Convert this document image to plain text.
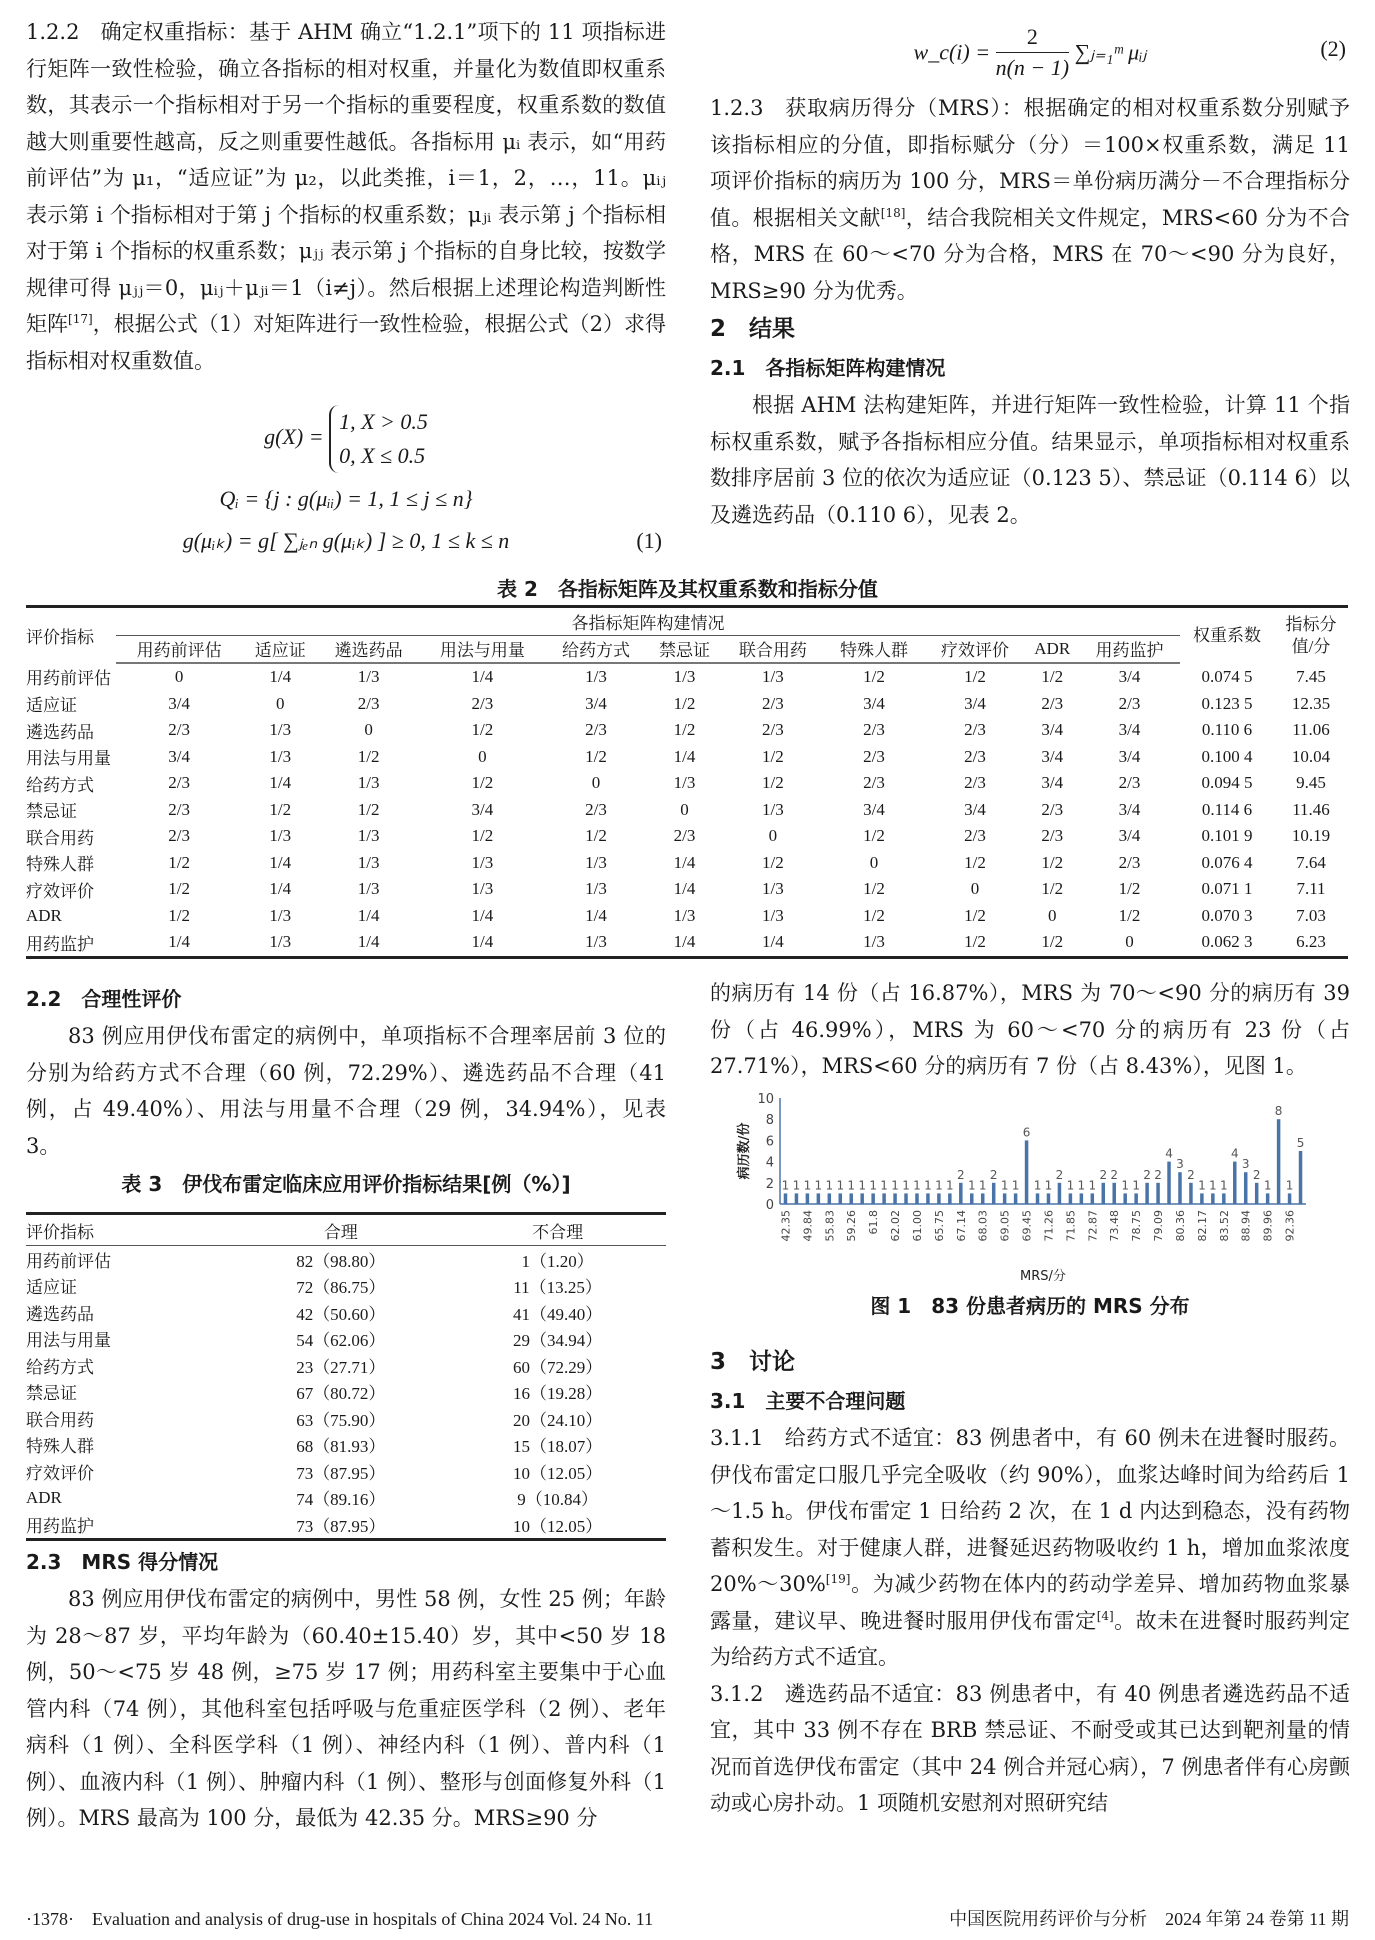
1.2.2 确定权重指标：基于 AHM 确立“1.2.1”项下的 11 项指标进行矩阵一致性检验，确立各指标的相对权重，并量化为数值即权重系数，其表示一个指标相对于另一个指标的重要程度，权重系数的数值越大则重要性越高，反之则重要性越低。各指标用 μᵢ 表示，如“用药前评估”为 μ₁，“适应证”为 μ₂，以此类推，i＝1，2，…，11。μᵢⱼ 表示第 i 个指标相对于第 j 个指标的权重系数；μⱼᵢ 表示第 j 个指标相对于第 i 个指标的权重系数；μⱼⱼ 表示第 j 个指标的自身比较，按数学规律可得 μⱼⱼ＝0，μᵢⱼ＋μⱼᵢ＝1（i≠j）。然后根据上述理论构造判断性矩阵[17]，根据公式（1）对矩阵进行一致性检验，根据公式（2）求得指标相对权重数值。

g(X) =
1, X > 0.5
0, X ≤ 0.5
Qᵢ = {j : g(μᵢᵢ) = 1, 1 ≤ j ≤ n}
g(μᵢₖ) = g[ ∑ⱼₑₙ g(μᵢₖ) ] ≥ 0, 1 ≤ k ≤ n	(1)
w_c(i) = $\frac{2}{n(n - 1)}$ ∑ⱼ₌₁ᵐ μᵢⱼ	(2)

1.2.3 获取病历得分（MRS）：根据确定的相对权重系数分别赋予该指标相应的分值，即指标赋分（分）＝100×权重系数，满足 11 项评价指标的病历为 100 分，MRS＝单份病历满分－不合理指标分值。根据相关文献[18]，结合我院相关文件规定，MRS<60 分为不合格，MRS 在 60～<70 分为合格，MRS 在 70～<90 分为良好，MRS≥90 分为优秀。

2　结果

2.1　各指标矩阵构建情况

根据 AHM 法构建矩阵，并进行矩阵一致性检验，计算 11 个指标权重系数，赋予各指标相应分值。结果显示，单项指标相对权重系数排序居前 3 位的依次为适应证（0.123 5）、禁忌证（0.114 6）以及遴选药品（0.110 6），见表 2。

表 2　各指标矩阵及其权重系数和指标分值
评价指标	各指标矩阵构建情况											权重系数	指标分值/分
	用药前评估	适应证	遴选药品	用法与用量	给药方式	禁忌证	联合用药	特殊人群	疗效评价	ADR	用药监护		
用药前评估	0	1/4	1/3	1/4	1/3	1/3	1/3	1/2	1/2	1/2	3/4	0.074 5	7.45
适应证	3/4	0	2/3	2/3	3/4	1/2	2/3	3/4	3/4	2/3	2/3	0.123 5	12.35
遴选药品	2/3	1/3	0	1/2	2/3	1/2	2/3	2/3	2/3	3/4	3/4	0.110 6	11.06
用法与用量	3/4	1/3	1/2	0	1/2	1/4	1/2	2/3	2/3	3/4	3/4	0.100 4	10.04
给药方式	2/3	1/4	1/3	1/2	0	1/3	1/2	2/3	2/3	3/4	2/3	0.094 5	9.45
禁忌证	2/3	1/2	1/2	3/4	2/3	0	1/3	3/4	3/4	2/3	3/4	0.114 6	11.46
联合用药	2/3	1/3	1/3	1/2	1/2	2/3	0	1/2	2/3	2/3	3/4	0.101 9	10.19
特殊人群	1/2	1/4	1/3	1/3	1/3	1/4	1/2	0	1/2	1/2	2/3	0.076 4	7.64
疗效评价	1/2	1/4	1/3	1/3	1/3	1/4	1/3	1/2	0	1/2	1/2	0.071 1	7.11
ADR	1/2	1/3	1/4	1/4	1/4	1/3	1/3	1/2	1/2	0	1/2	0.070 3	7.03
用药监护	1/4	1/3	1/4	1/4	1/3	1/4	1/4	1/3	1/2	1/2	0	0.062 3	6.23

2.2　合理性评价

83 例应用伊伐布雷定的病例中，单项指标不合理率居前 3 位的分别为给药方式不合理（60 例，72.29%）、遴选药品不合理（41 例，占 49.40%）、用法与用量不合理（29 例，34.94%），见表 3。

表 3　伊伐布雷定临床应用评价指标结果[例（%）]
评价指标	合理	不合理
用药前评估	82（98.80）	1（1.20）
适应证	72（86.75）	11（13.25）
遴选药品	42（50.60）	41（49.40）
用法与用量	54（62.06）	29（34.94）
给药方式	23（27.71）	60（72.29）
禁忌证	67（80.72）	16（19.28）
联合用药	63（75.90）	20（24.10）
特殊人群	68（81.93）	15（18.07）
疗效评价	73（87.95）	10（12.05）
ADR	74（89.16）	9（10.84）
用药监护	73（87.95）	10（12.05）

2.3　MRS 得分情况

83 例应用伊伐布雷定的病例中，男性 58 例，女性 25 例；年龄为 28～87 岁，平均年龄为（60.40±15.40）岁，其中<50 岁 18 例，50～<75 岁 48 例，≥75 岁 17 例；用药科室主要集中于心血管内科（74 例），其他科室包括呼吸与危重症医学科（2 例）、老年病科（1 例）、全科医学科（1 例）、神经内科（1 例）、普内科（1 例）、血液内科（1 例）、肿瘤内科（1 例）、整形与创面修复外科（1 例）。MRS 最高为 100 分，最低为 42.35 分。MRS≥90 分

的病历有 14 份（占 16.87%），MRS 为 70～<90 分的病历有 39 份（占 46.99%），MRS 为 60～<70 分的病历有 23 份（占 27.71%），MRS<60 分的病历有 7 份（占 8.43%），见图 1。

0
2
4
6
8
10
病历数/份
1 1 1 1 1 1 1 1 1 1 1 1 1 1 1 1
2
1 1
2
1 1
6
1 1
2
1 1 1
2 2
1 1
2 2
4
3
2
1 1 1
4
3
2
1
8
1
5
42.35 49.84 55.83 59.26 61.8 62.02 61.00 65.75 67.14 68.03 69.05 69.45 71.26 71.85 72.87 73.48 78.75 79.09 80.36 82.17 83.52 88.94 89.96 92.36
MRS/分
图 1　83 份患者病历的 MRS 分布

3　讨论

3.1　主要不合理问题

3.1.1 给药方式不适宜：83 例患者中，有 60 例未在进餐时服药。伊伐布雷定口服几乎完全吸收（约 90%），血浆达峰时间为给药后 1～1.5 h。伊伐布雷定 1 日给药 2 次，在 1 d 内达到稳态，没有药物蓄积发生。对于健康人群，进餐延迟药物吸收约 1 h，增加血浆浓度 20%～30%[19]。为减少药物在体内的药动学差异、增加药物血浆暴露量，建议早、晚进餐时服用伊伐布雷定[4]。故未在进餐时服药判定为给药方式不适宜。

3.1.2 遴选药品不适宜：83 例患者中，有 40 例患者遴选药品不适宜，其中 33 例不存在 BRB 禁忌证、不耐受或其已达到靶剂量的情况而首选伊伐布雷定（其中 24 例合并冠心病），7 例患者伴有心房颤动或心房扑动。1 项随机安慰剂对照研究结

·1378·　Evaluation and analysis of drug-use in hospitals of China 2024 Vol. 24 No. 11	中国医院用药评价与分析　2024 年第 24 卷第 11 期
